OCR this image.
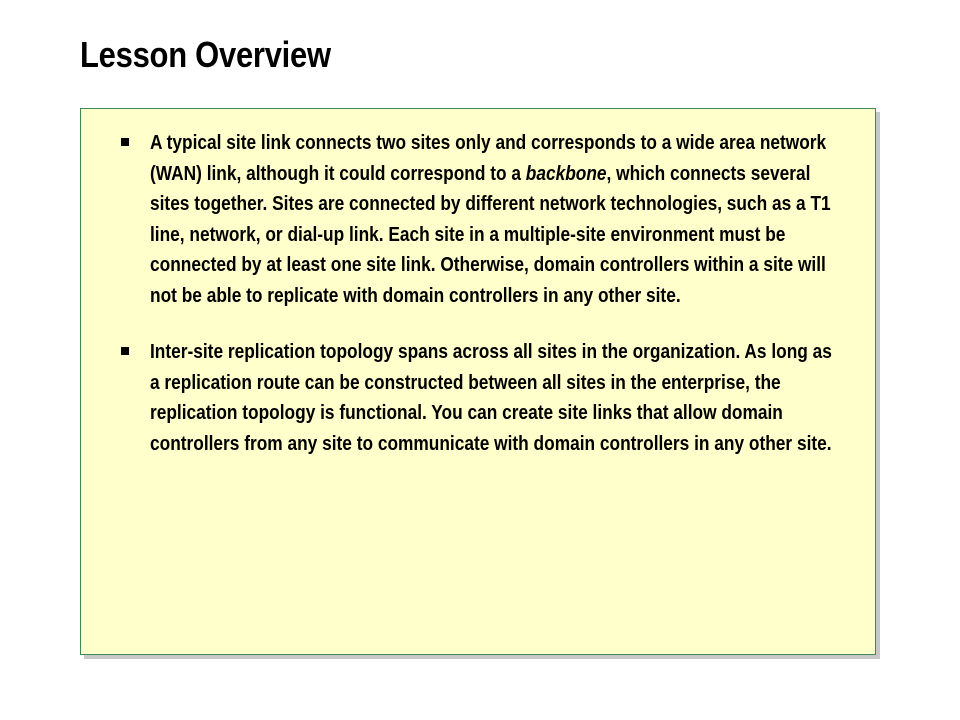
Lesson Overview

A typical site link connects two sites only and corresponds to a wide area network (WAN) link, although it could correspond to a backbone, which connects several sites together. Sites are connected by different network technologies, such as a T1 line, network, or dial-up link. Each site in a multiple-site environment must be connected by at least one site link. Otherwise, domain controllers within a site will not be able to replicate with domain controllers in any other site.

Inter-site replication topology spans across all sites in the organization. As long as a replication route can be constructed between all sites in the enterprise, the replication topology is functional. You can create site links that allow domain controllers from any site to communicate with domain controllers in any other site.
